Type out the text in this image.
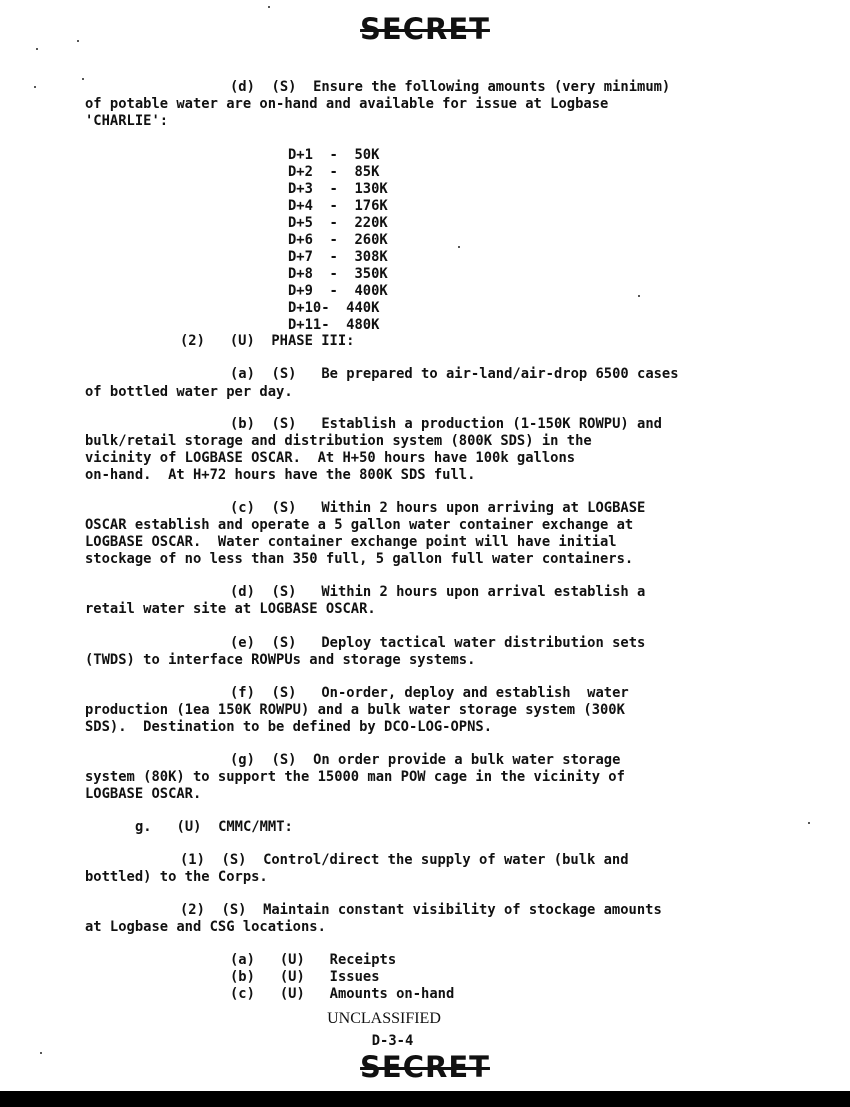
SECRET
(d)  (S)  Ensure the following amounts (very minimum)
of potable water are on-hand and available for issue at Logbase
'CHARLIE':
D+1  -  50K
D+2  -  85K
D+3  -  130K
D+4  -  176K
D+5  -  220K
D+6  -  260K
D+7  -  308K
D+8  -  350K
D+9  -  400K
D+10-  440K
D+11-  480K
(2)   (U)  PHASE III:
(a)  (S)   Be prepared to air-land/air-drop 6500 cases
of bottled water per day.
(b)  (S)   Establish a production (1-150K ROWPU) and
bulk/retail storage and distribution system (800K SDS) in the
vicinity of LOGBASE OSCAR.  At H+50 hours have 100k gallons
on-hand.  At H+72 hours have the 800K SDS full.
(c)  (S)   Within 2 hours upon arriving at LOGBASE
OSCAR establish and operate a 5 gallon water container exchange at
LOGBASE OSCAR.  Water container exchange point will have initial
stockage of no less than 350 full, 5 gallon full water containers.
(d)  (S)   Within 2 hours upon arrival establish a
retail water site at LOGBASE OSCAR.
(e)  (S)   Deploy tactical water distribution sets
(TWDS) to interface ROWPUs and storage systems.
(f)  (S)   On-order, deploy and establish  water
production (1ea 150K ROWPU) and a bulk water storage system (300K
SDS).  Destination to be defined by DCO-LOG-OPNS.
(g)  (S)  On order provide a bulk water storage
system (80K) to support the 15000 man POW cage in the vicinity of
LOGBASE OSCAR.
g.   (U)  CMMC/MMT:
(1)  (S)  Control/direct the supply of water (bulk and
bottled) to the Corps.
(2)  (S)  Maintain constant visibility of stockage amounts
at Logbase and CSG locations.
(a)   (U)   Receipts
(b)   (U)   Issues
(c)   (U)   Amounts on-hand
UNCLASSIFIED
D-3-4
SECRET
